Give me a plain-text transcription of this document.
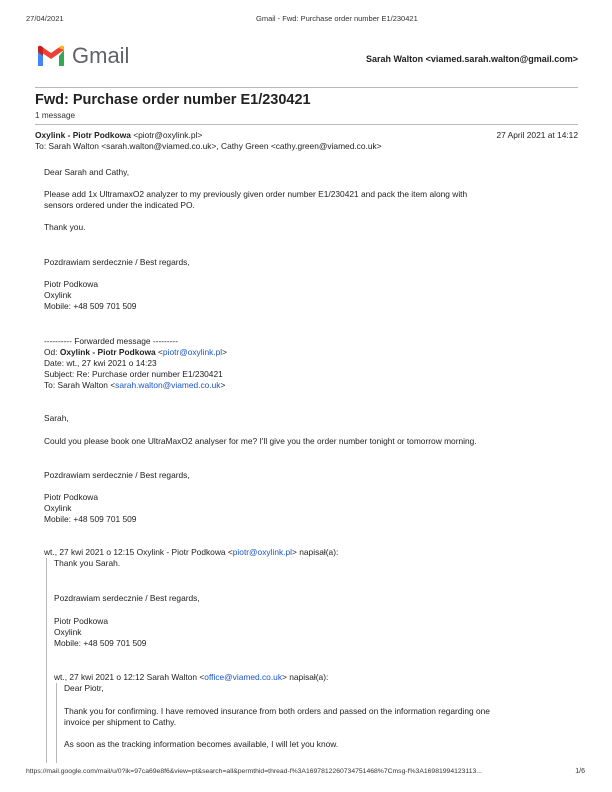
27/04/2021	Gmail - Fwd: Purchase order number E1/230421
Gmail	Sarah Walton <viamed.sarah.walton@gmail.com>
Fwd: Purchase order number E1/230421
1 message
Oxylink - Piotr Podkowa <piotr@oxylink.pl>	27 April 2021 at 14:12
To: Sarah Walton <sarah.walton@viamed.co.uk>, Cathy Green <cathy.green@viamed.co.uk>
Dear Sarah and Cathy,
Please add 1x UltramaxO2 analyzer to my previously given order number E1/230421 and pack the item along with
sensors ordered under the indicated PO.
Thank you.
Pozdrawiam serdecznie / Best regards,
Piotr Podkowa
Oxylink
Mobile: +48 509 701 509
---------- Forwarded message ---------
Od: Oxylink - Piotr Podkowa <piotr@oxylink.pl>
Date: wt., 27 kwi 2021 o 14:23
Subject: Re: Purchase order number E1/230421
To: Sarah Walton <sarah.walton@viamed.co.uk>
Sarah,
Could you please book one UltraMaxO2 analyser for me? I'll give you the order number tonight or tomorrow morning.
Pozdrawiam serdecznie / Best regards,
Piotr Podkowa
Oxylink
Mobile: +48 509 701 509
wt., 27 kwi 2021 o 12:15 Oxylink - Piotr Podkowa <piotr@oxylink.pl> napisał(a):
Thank you Sarah.
Pozdrawiam serdecznie / Best regards,
Piotr Podkowa
Oxylink
Mobile: +48 509 701 509
wt., 27 kwi 2021 o 12:12 Sarah Walton <office@viamed.co.uk> napisał(a):
Dear Piotr,
Thank you for confirming. I have removed insurance from both orders and passed on the information regarding one
invoice per shipment to Cathy.
As soon as the tracking information becomes available, I will let you know.
https://mail.google.com/mail/u/0?ik=97ca69e8f6&view=pt&search=all&permthid=thread-f%3A1697812260734751468%7Cmsg-f%3A16981994123113...	1/6
